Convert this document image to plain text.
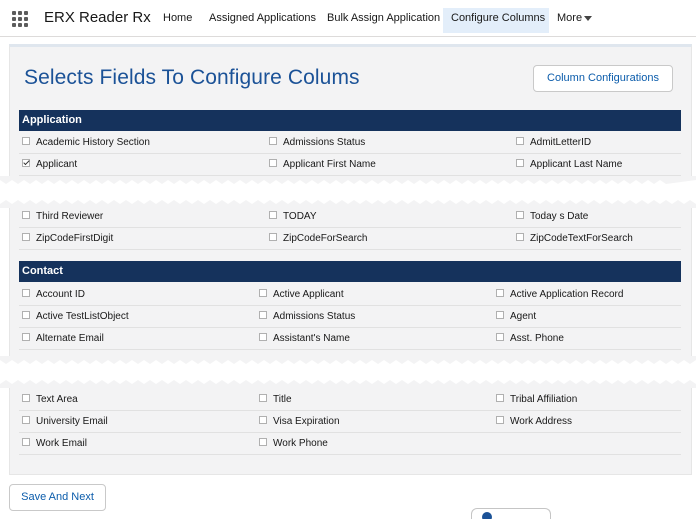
ERX Reader Rx	Home	Assigned Applications Bulk Assign Application Configure Columns	More
Selects Fields To Configure Colums	Column Configurations
Application
Academic History Section	Admissions Status	AdmitLetterID
Applicant	Applicant First Name	Applicant Last Name
Third Reviewer	TODAY	Today s Date
ZipCodeFirstDigit	ZipCodeForSearch	ZipCodeTextForSearch
Contact
Account ID	Active Applicant	Active Application Record
Active TestListObject	Admissions Status	Agent
Alternate Email	Assistant's Name	Asst. Phone
Text Area	Title	Tribal Affiliation
University Email	Visa Expiration	Work Address
Work Email	Work Phone
Save And Next
